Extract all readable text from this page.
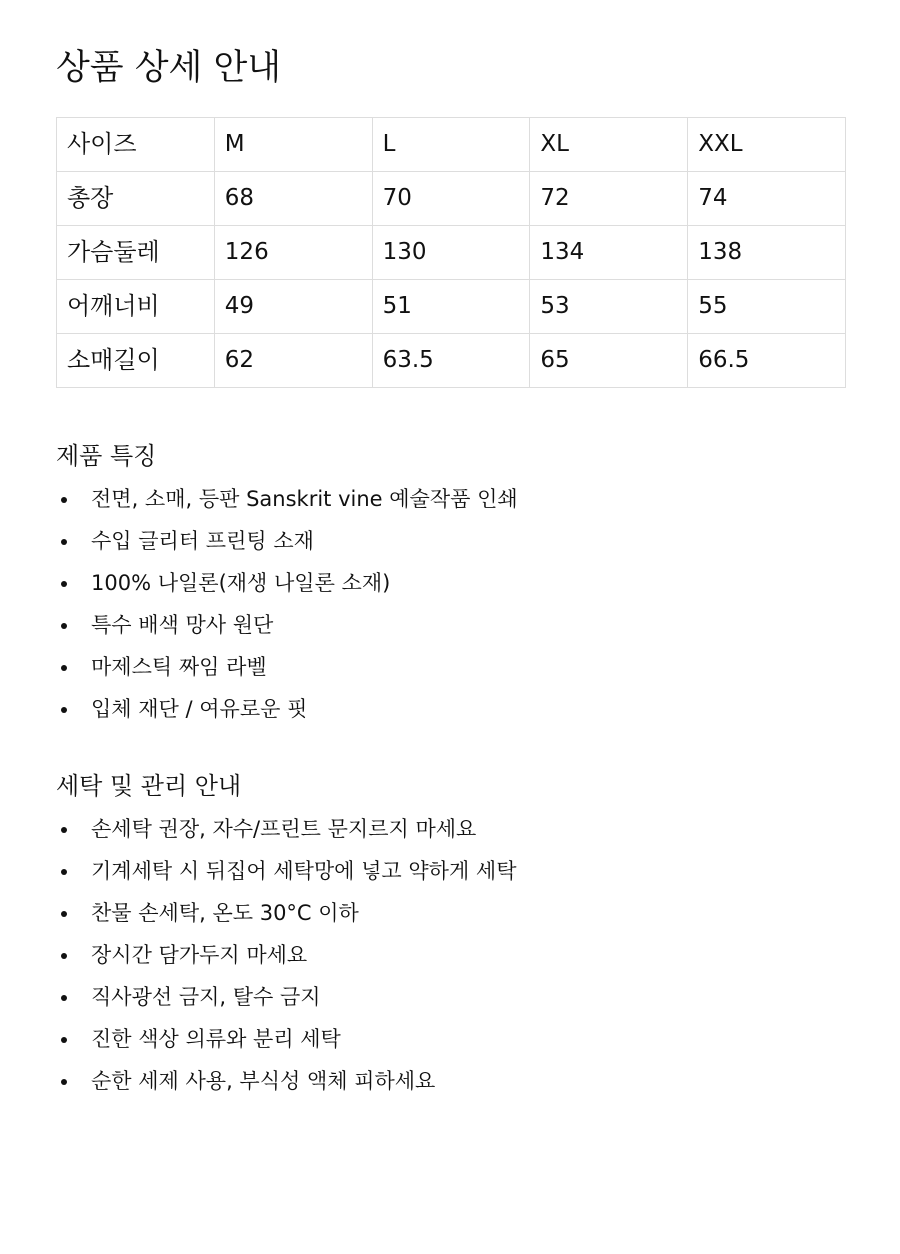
상품 상세 안내
사이즈	M	L	XL	XXL
총장	68	70	72	74
가슴둘레	126	130	134	138
어깨너비	49	51	53	55
소매길이	62	63.5	65	66.5
제품 특징
전면, 소매, 등판 Sanskrit vine 예술작품 인쇄
수입 글리터 프린팅 소재
100% 나일론(재생 나일론 소재)
특수 배색 망사 원단
마제스틱 짜임 라벨
입체 재단 / 여유로운 핏
세탁 및 관리 안내
손세탁 권장, 자수/프린트 문지르지 마세요
기계세탁 시 뒤집어 세탁망에 넣고 약하게 세탁
찬물 손세탁, 온도 30°C 이하
장시간 담가두지 마세요
직사광선 금지, 탈수 금지
진한 색상 의류와 분리 세탁
순한 세제 사용, 부식성 액체 피하세요
